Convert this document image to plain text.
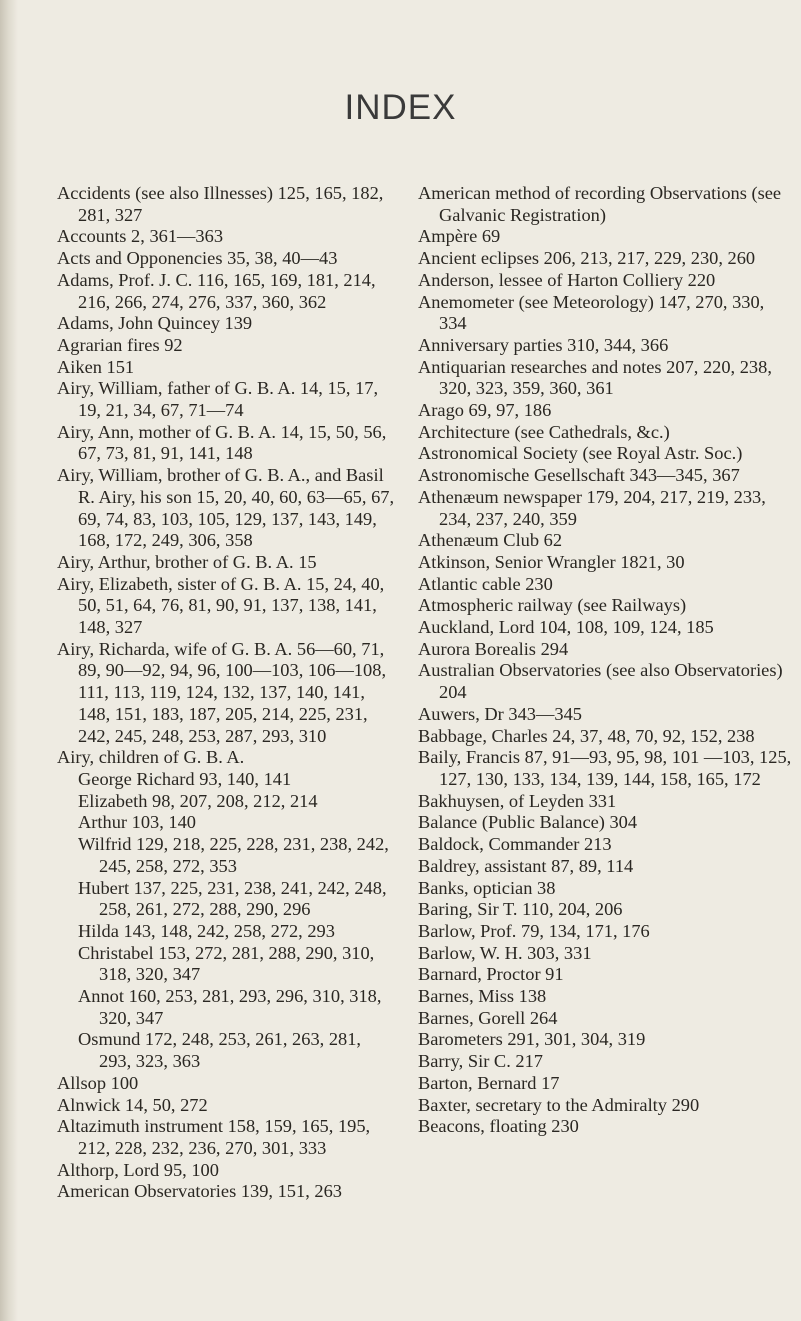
INDEX

Accidents (see also Illnesses) 125, 165, 182, 281, 327

Accounts 2, 361—363

Acts and Opponencies 35, 38, 40—43

Adams, Prof. J. C. 116, 165, 169, 181, 214, 216, 266, 274, 276, 337, 360, 362

Adams, John Quincey 139

Agrarian fires 92

Aiken 151

Airy, William, father of G. B. A. 14, 15, 17, 19, 21, 34, 67, 71—74

Airy, Ann, mother of G. B. A. 14, 15, 50, 56, 67, 73, 81, 91, 141, 148

Airy, William, brother of G. B. A., and Basil R. Airy, his son 15, 20, 40, 60, 63—65, 67, 69, 74, 83, 103, 105, 129, 137, 143, 149, 168, 172, 249, 306, 358

Airy, Arthur, brother of G. B. A. 15

Airy, Elizabeth, sister of G. B. A. 15, 24, 40, 50, 51, 64, 76, 81, 90, 91, 137, 138, 141, 148, 327

Airy, Richarda, wife of G. B. A. 56—60, 71, 89, 90—92, 94, 96, 100—103, 106—108, 111, 113, 119, 124, 132, 137, 140, 141, 148, 151, 183, 187, 205, 214, 225, 231, 242, 245, 248, 253, 287, 293, 310

Airy, children of G. B. A.

George Richard 93, 140, 141

Elizabeth 98, 207, 208, 212, 214

Arthur 103, 140

Wilfrid 129, 218, 225, 228, 231, 238, 242, 245, 258, 272, 353

Hubert 137, 225, 231, 238, 241, 242, 248, 258, 261, 272, 288, 290, 296

Hilda 143, 148, 242, 258, 272, 293

Christabel 153, 272, 281, 288, 290, 310, 318, 320, 347

Annot 160, 253, 281, 293, 296, 310, 318, 320, 347

Osmund 172, 248, 253, 261, 263, 281, 293, 323, 363

Allsop 100

Alnwick 14, 50, 272

Altazimuth instrument 158, 159, 165, 195, 212, 228, 232, 236, 270, 301, 333

Althorp, Lord 95, 100

American Observatories 139, 151, 263

American method of recording Observations (see Galvanic Registration)

Ampère 69

Ancient eclipses 206, 213, 217, 229, 230, 260

Anderson, lessee of Harton Colliery 220

Anemometer (see Meteorology) 147, 270, 330, 334

Anniversary parties 310, 344, 366

Antiquarian researches and notes 207, 220, 238, 320, 323, 359, 360, 361

Arago 69, 97, 186

Architecture (see Cathedrals, &c.)

Astronomical Society (see Royal Astr. Soc.)

Astronomische Gesellschaft 343—345, 367

Athenæum newspaper 179, 204, 217, 219, 233, 234, 237, 240, 359

Athenæum Club 62

Atkinson, Senior Wrangler 1821, 30

Atlantic cable 230

Atmospheric railway (see Railways)

Auckland, Lord 104, 108, 109, 124, 185

Aurora Borealis 294

Australian Observatories (see also Observatories) 204

Auwers, Dr 343—345

Babbage, Charles 24, 37, 48, 70, 92, 152, 238

Baily, Francis 87, 91—93, 95, 98, 101 —103, 125, 127, 130, 133, 134, 139, 144, 158, 165, 172

Bakhuysen, of Leyden 331

Balance (Public Balance) 304

Baldock, Commander 213

Baldrey, assistant 87, 89, 114

Banks, optician 38

Baring, Sir T. 110, 204, 206

Barlow, Prof. 79, 134, 171, 176

Barlow, W. H. 303, 331

Barnard, Proctor 91

Barnes, Miss 138

Barnes, Gorell 264

Barometers 291, 301, 304, 319

Barry, Sir C. 217

Barton, Bernard 17

Baxter, secretary to the Admiralty 290

Beacons, floating 230
